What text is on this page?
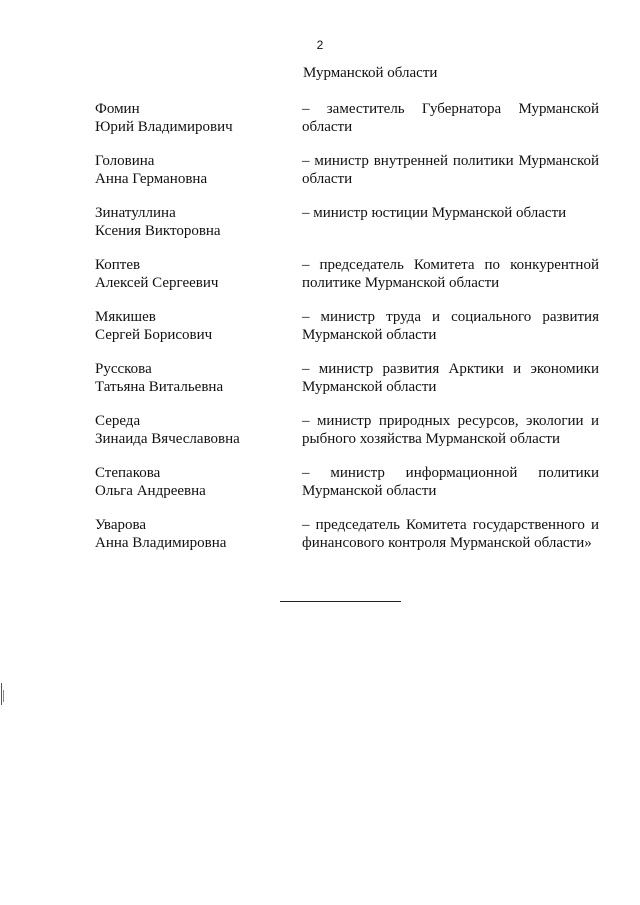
2
Мурманской области
Фомин
Юрий Владимирович
– заместитель Губернатора Мурманской области
Головина
Анна Германовна
– министр внутренней политики Мурманской области
Зинатуллина
Ксения Викторовна
– министр юстиции Мурманской области
Коптев
Алексей Сергеевич
– председатель Комитета по конкурентной политике Мурманской области
Мякишев
Сергей Борисович
– министр труда и социального развития Мурманской области
Русскова
Татьяна Витальевна
– министр развития Арктики и экономики Мурманской области
Середа
Зинаида Вячеславовна
– министр природных ресурсов, экологии и рыбного хозяйства Мурманской области
Степакова
Ольга Андреевна
– министр информационной политики Мурманской области
Уварова
Анна Владимировна
– председатель Комитета государственного и финансового контроля Мурманской области»
